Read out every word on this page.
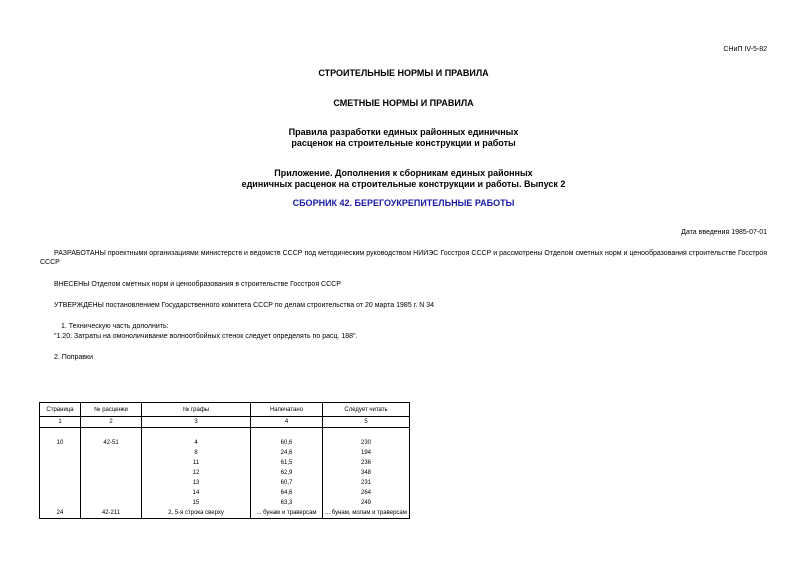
СНиП IV-5-82
СТРОИТЕЛЬНЫЕ НОРМЫ И ПРАВИЛА
СМЕТНЫЕ НОРМЫ И ПРАВИЛА
Правила разработки единых районных единичных
расценок на строительные конструкции и работы
Приложение. Дополнения к сборникам единых районных
единичных расценок на строительные конструкции и работы. Выпуск 2
СБОРНИК 42. БЕРЕГОУКРЕПИТЕЛЬНЫЕ РАБОТЫ
Дата введения 1985-07-01
РАЗРАБОТАНЫ проектными организациями министерств и ведомств СССР под методическим руководством НИИЭС Госстроя СССР и рассмотрены Отделом сметных норм и ценообразования строительстве Госстроя СССР
ВНЕСЕНЫ Отделом сметных норм и ценообразования в строительстве Госстроя СССР
УТВЕРЖДЕНЫ постановлением Государственного комитета СССР по делам строительства от 20 марта 1985 г. N 34
1. Техническую часть дополнить:
"1.20. Затраты на омоноличивание волноотбойных стенок следует определять по расц. 188".
2. Поправки
Страница	№ расценки	№ графы	Напечатано	Следует читать
1	2	3	4	5

10	42-51	4	60,6	230
		8	24,6	194
		11	61,5	236
		12	62,9	348
		13	60,7	231
		14	64,6	264
		15	63,3	249
24	42-211	2, 5-я строка сверху	... бунам и траверсам	... бунам, молам и траверсам
